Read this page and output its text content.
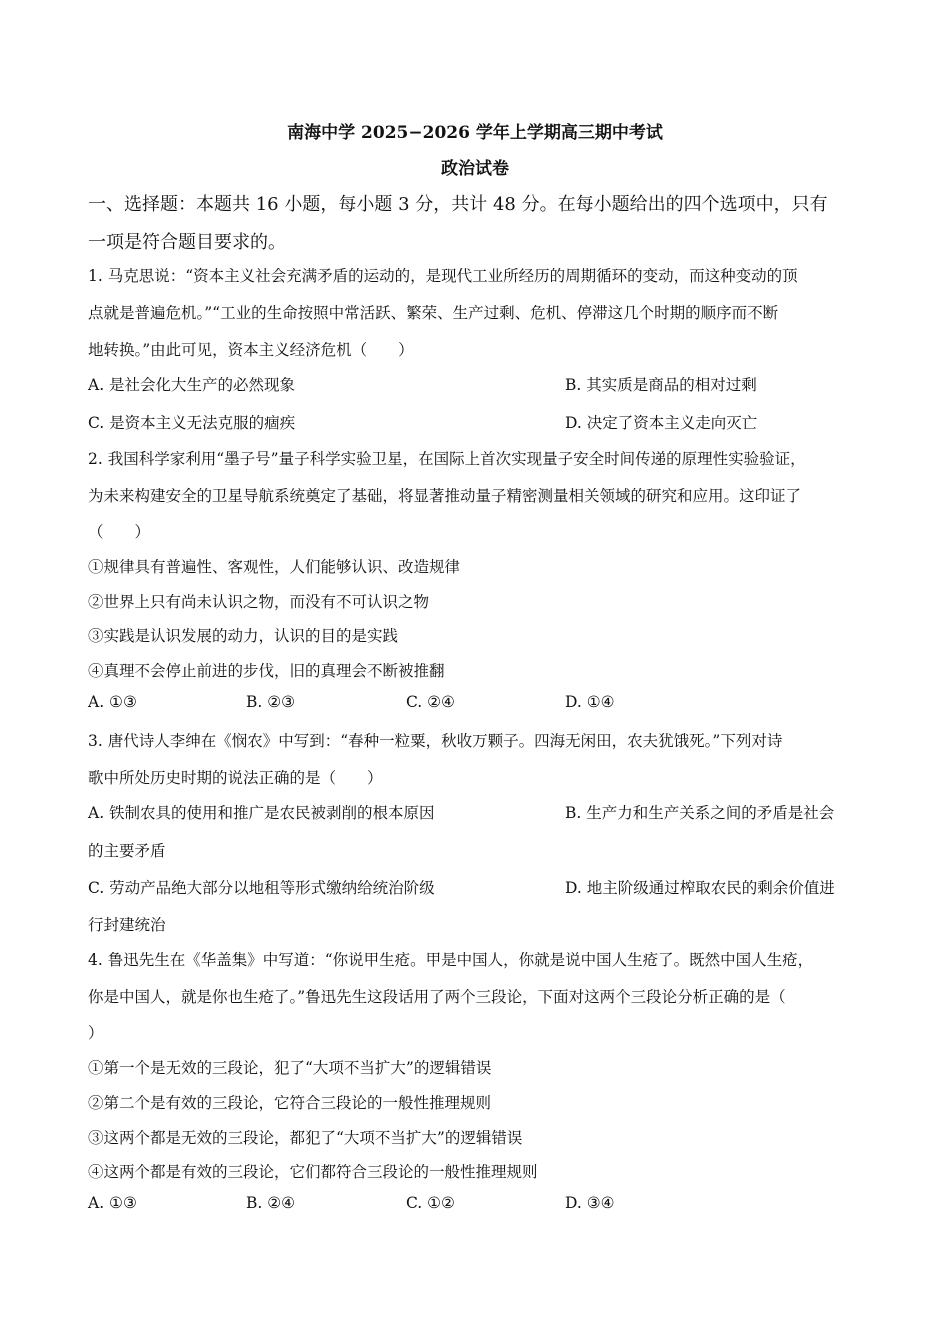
南海中学 2025−2026 学年上学期高三期中考试
政治试卷
一、选择题：本题共 16 小题，每小题 3 分，共计 48 分。在每小题给出的四个选项中，只有
一项是符合题目要求的。
1. 马克思说：“资本主义社会充满矛盾的运动的，是现代工业所经历的周期循环的变动，而这种变动的顶
点就是普遍危机。”“工业的生命按照中常活跃、繁荣、生产过剩、危机、停滞这几个时期的顺序而不断
地转换。”由此可见，资本主义经济危机（　　）
A. 是社会化大生产的必然现象	B. 其实质是商品的相对过剩
C. 是资本主义无法克服的痼疾	D. 决定了资本主义走向灭亡
2. 我国科学家利用“墨子号”量子科学实验卫星，在国际上首次实现量子安全时间传递的原理性实验验证，
为未来构建安全的卫星导航系统奠定了基础，将显著推动量子精密测量相关领域的研究和应用。这印证了
（　　）
①规律具有普遍性、客观性，人们能够认识、改造规律
②世界上只有尚未认识之物，而没有不可认识之物
③实践是认识发展的动力，认识的目的是实践
④真理不会停止前进的步伐，旧的真理会不断被推翻
A. ①③	B. ②③	C. ②④	D. ①④
3. 唐代诗人李绅在《悯农》中写到：“春种一粒粟，秋收万颗子。四海无闲田，农夫犹饿死。”下列对诗
歌中所处历史时期的说法正确的是（　　）
A. 铁制农具的使用和推广是农民被剥削的根本原因	B. 生产力和生产关系之间的矛盾是社会
的主要矛盾
C. 劳动产品绝大部分以地租等形式缴纳给统治阶级	D. 地主阶级通过榨取农民的剩余价值进
行封建统治
4. 鲁迅先生在《华盖集》中写道：“你说甲生疮。甲是中国人，你就是说中国人生疮了。既然中国人生疮，
你是中国人，就是你也生疮了。”鲁迅先生这段话用了两个三段论，下面对这两个三段论分析正确的是（
）
①第一个是无效的三段论，犯了“大项不当扩大”的逻辑错误
②第二个是有效的三段论，它符合三段论的一般性推理规则
③这两个都是无效的三段论，都犯了“大项不当扩大”的逻辑错误
④这两个都是有效的三段论，它们都符合三段论的一般性推理规则
A. ①③	B. ②④	C. ①②	D. ③④
